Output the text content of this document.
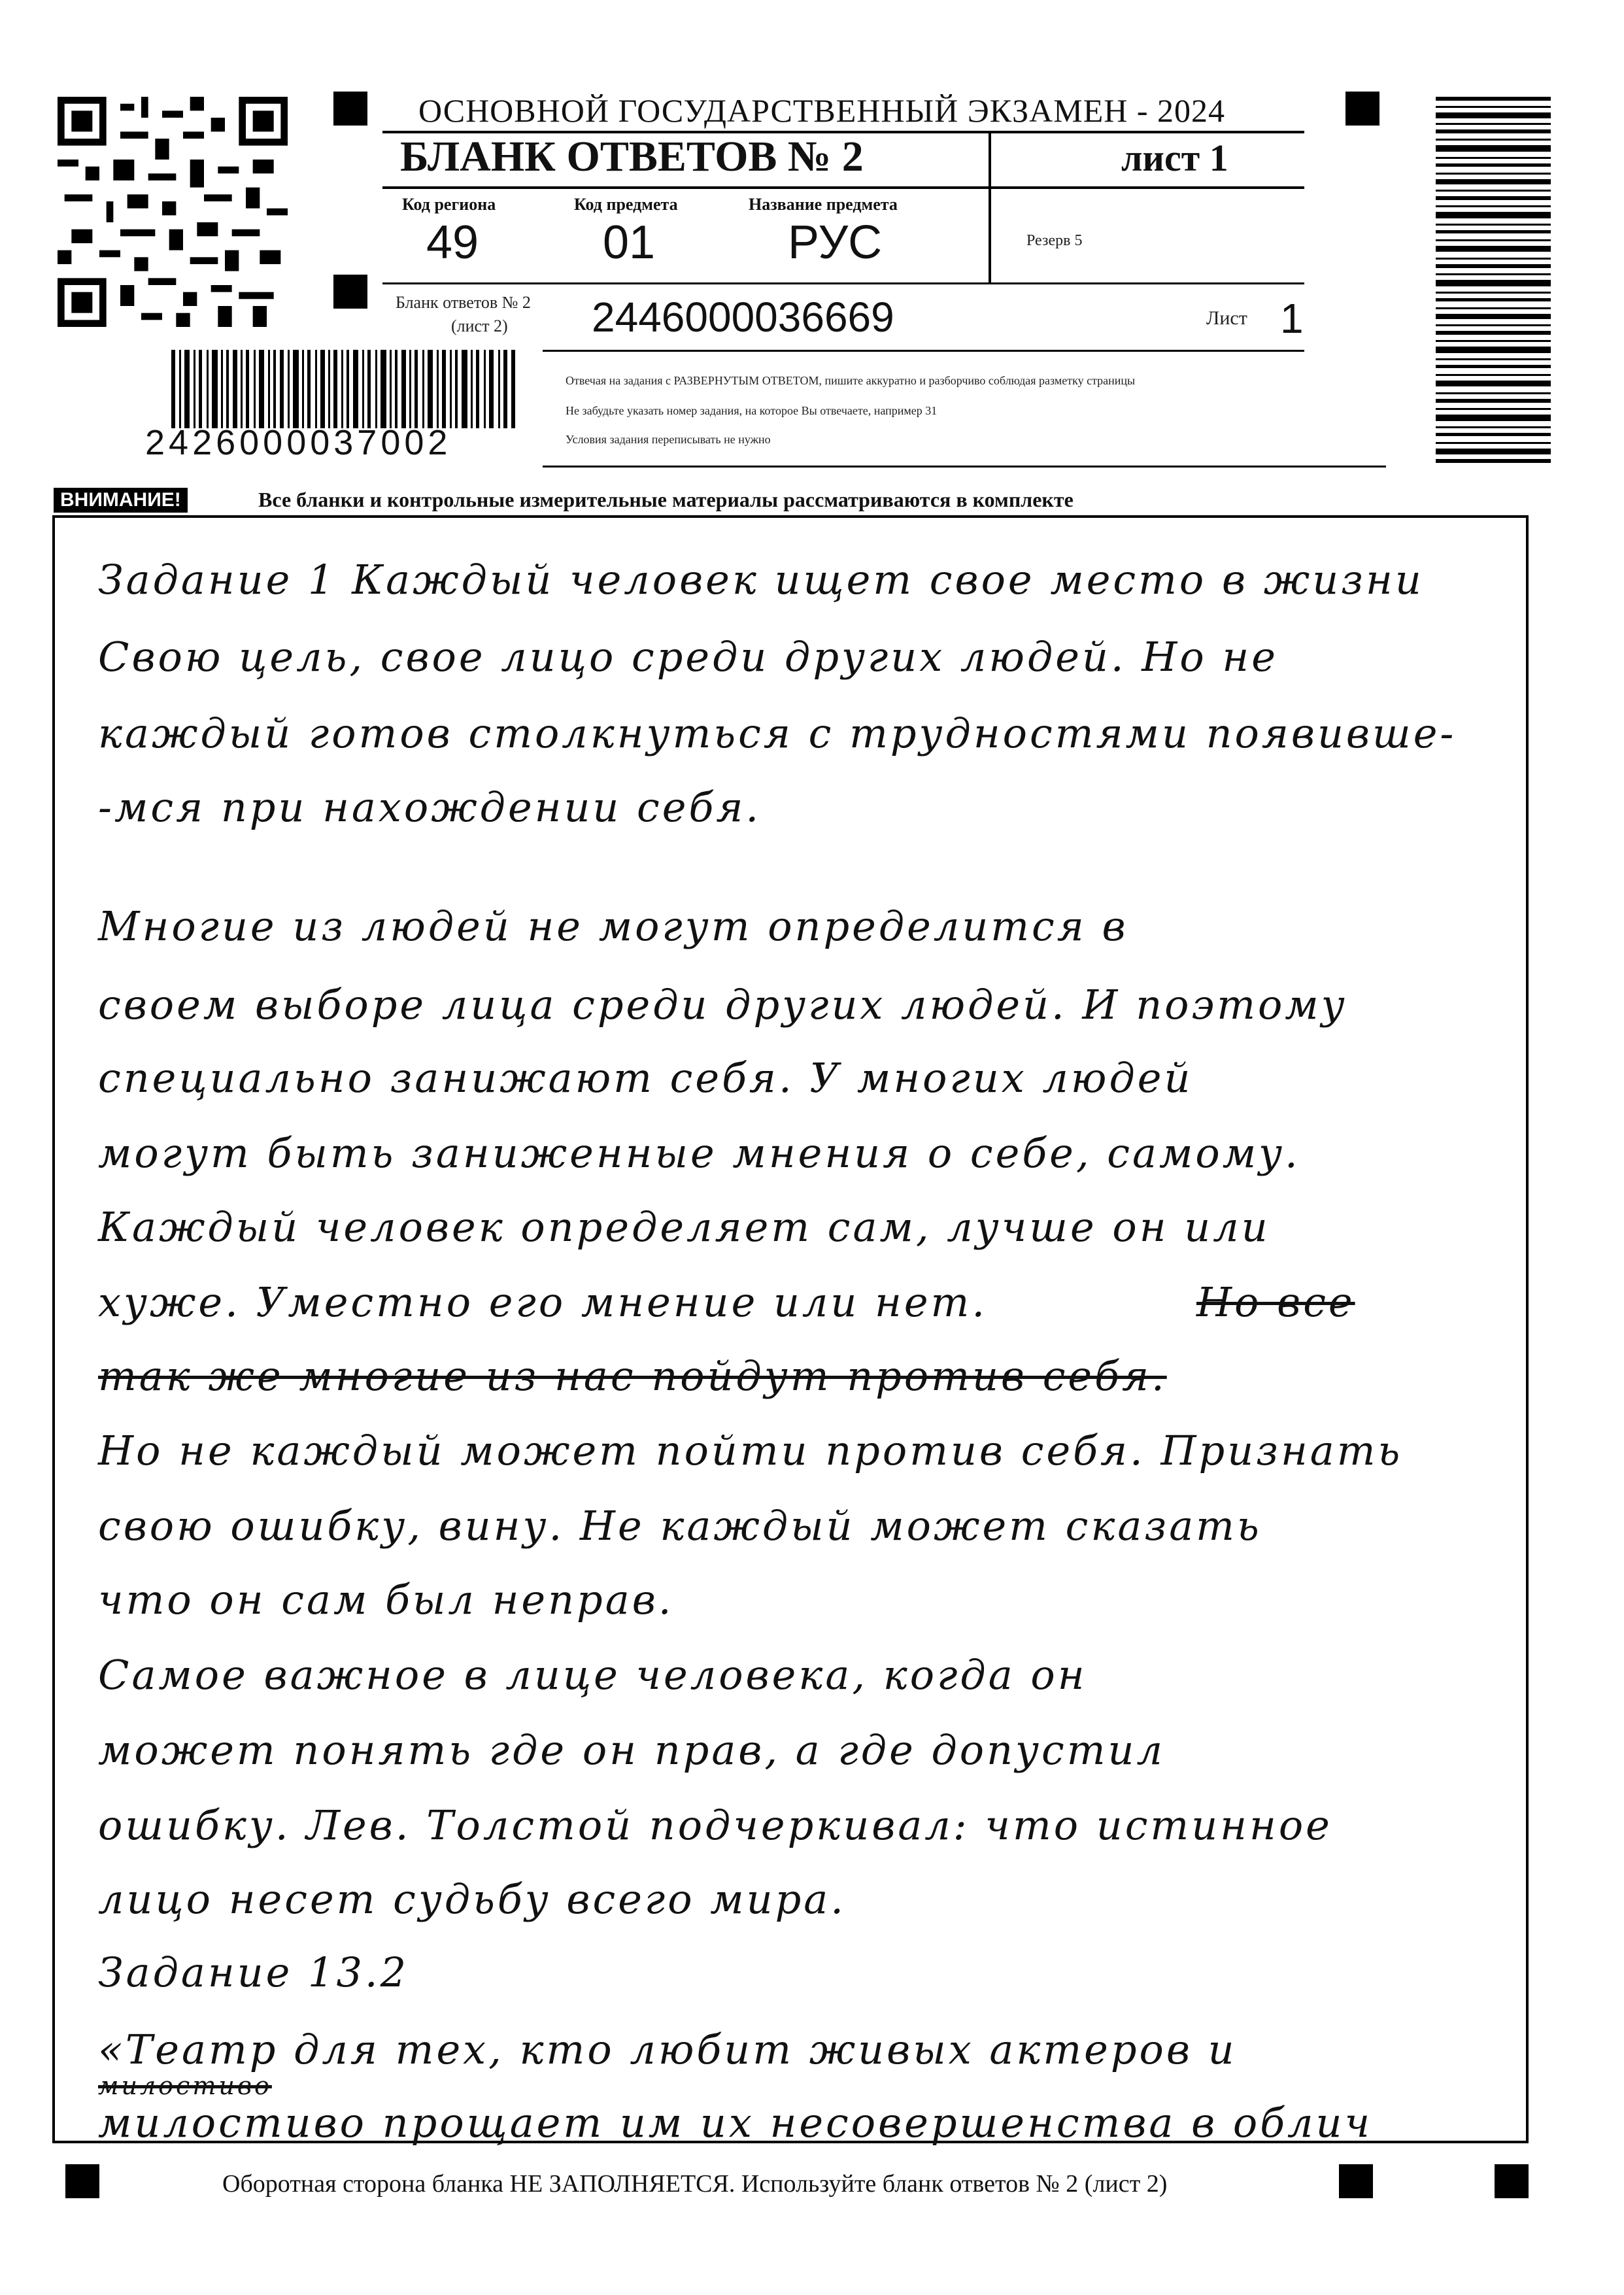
ОСНОВНОЙ ГОСУДАРСТВЕННЫЙ ЭКЗАМЕН - 2024
БЛАНК ОТВЕТОВ № 2	лист 1
Код региона	Код предмета	Название предмета
49	01	РУС	Резерв 5
Бланк ответов № 2
(лист 2) 2446000036669	Лист 1
Отвечая на задания с РАЗВЕРНУТЫМ ОТВЕТОМ, пишите аккуратно и разборчиво соблюдая разметку страницы
Не забудьте указать номер задания, на которое Вы отвечаете, например 31
Условия задания переписывать не нужно
2426000037002
ВНИМАНИЕ!	Все бланки и контрольные измерительные материалы рассматриваются в комплекте
Задание 1 Каждый человек ищет свое место в жизни
Свою цель, свое лицо среди других людей. Но не
каждый готов столкнуться с трудностями появивше-
-мся при нахождении себя.
Многие из людей не могут определится в
своем выборе лица среди других людей. И поэтому
специально занижают себя. У многих людей
могут быть заниженные мнения о себе, самому.
Каждый человек определяет сам, лучше он или
хуже. Уместно его мнение или нет.	Но все
так же многие из нас пойдут против себя.
Но не каждый может пойти против себя. Признать
свою ошибку, вину. Не каждый может сказать
что он сам был неправ.
Самое важное в лице человека, когда он
может понять где он прав, а где допустил
ошибку. Лев. Толстой подчеркивал: что истинное
лицо несет судьбу всего мира.
Задание 13.2
«Театр для тех, кто любит живых актеров и
милостиво
милостиво прощает им их несовершенства в облич
Оборотная сторона бланка НЕ ЗАПОЛНЯЕТСЯ. Используйте бланк ответов № 2 (лист 2)
